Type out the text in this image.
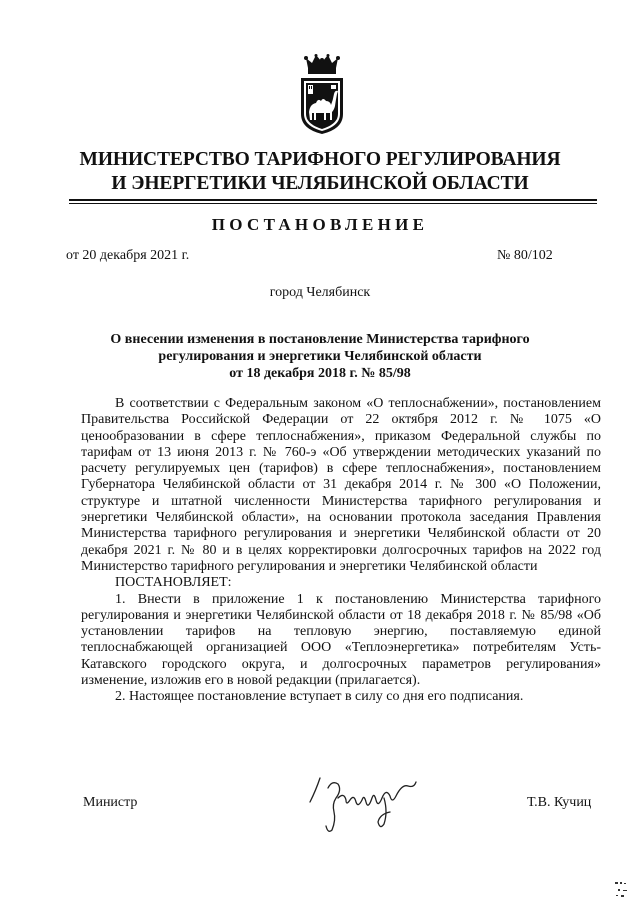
МИНИСТЕРСТВО ТАРИФНОГО РЕГУЛИРОВАНИЯ
И ЭНЕРГЕТИКИ ЧЕЛЯБИНСКОЙ ОБЛАСТИ
ПОСТАНОВЛЕНИЕ
от 20 декабря 2021 г.	№ 80/102
город Челябинск
О внесении изменения в постановление Министерства тарифного
регулирования и энергетики Челябинской области
от 18 декабря 2018 г. № 85/98

В соответствии с Федеральным законом «О теплоснабжении», постановлением Правительства Российской Федерации от 22 октября 2012 г. № 1075 «О ценообразовании в сфере теплоснабжения», приказом Федеральной службы по тарифам от 13 июня 2013 г. № 760-э «Об утверждении методических указаний по расчету регулируемых цен (тарифов) в сфере теплоснабжения», постановлением Губернатора Челябинской области от 31 декабря 2014 г. № 300 «О Положении, структуре и штатной численности Министерства тарифного регулирования и энергетики Челябинской области», на основании протокола заседания Правления Министерства тарифного регулирования и энергетики Челябинской области от 20 декабря 2021 г. № 80 и в целях корректировки долгосрочных тарифов на 2022 год Министерство тарифного регулирования и энергетики Челябинской области

ПОСТАНОВЛЯЕТ:

1. Внести в приложение 1 к постановлению Министерства тарифного регулирования и энергетики Челябинской области от 18 декабря 2018 г. № 85/98 «Об установлении тарифов на тепловую энергию, поставляемую единой теплоснабжающей организацией ООО «Теплоэнергетика» потребителям Усть-Катавского городского округа, и долгосрочных параметров регулирования» изменение, изложив его в новой редакции (прилагается).

2. Настоящее постановление вступает в силу со дня его подписания.

Министр	Т.В. Кучиц
